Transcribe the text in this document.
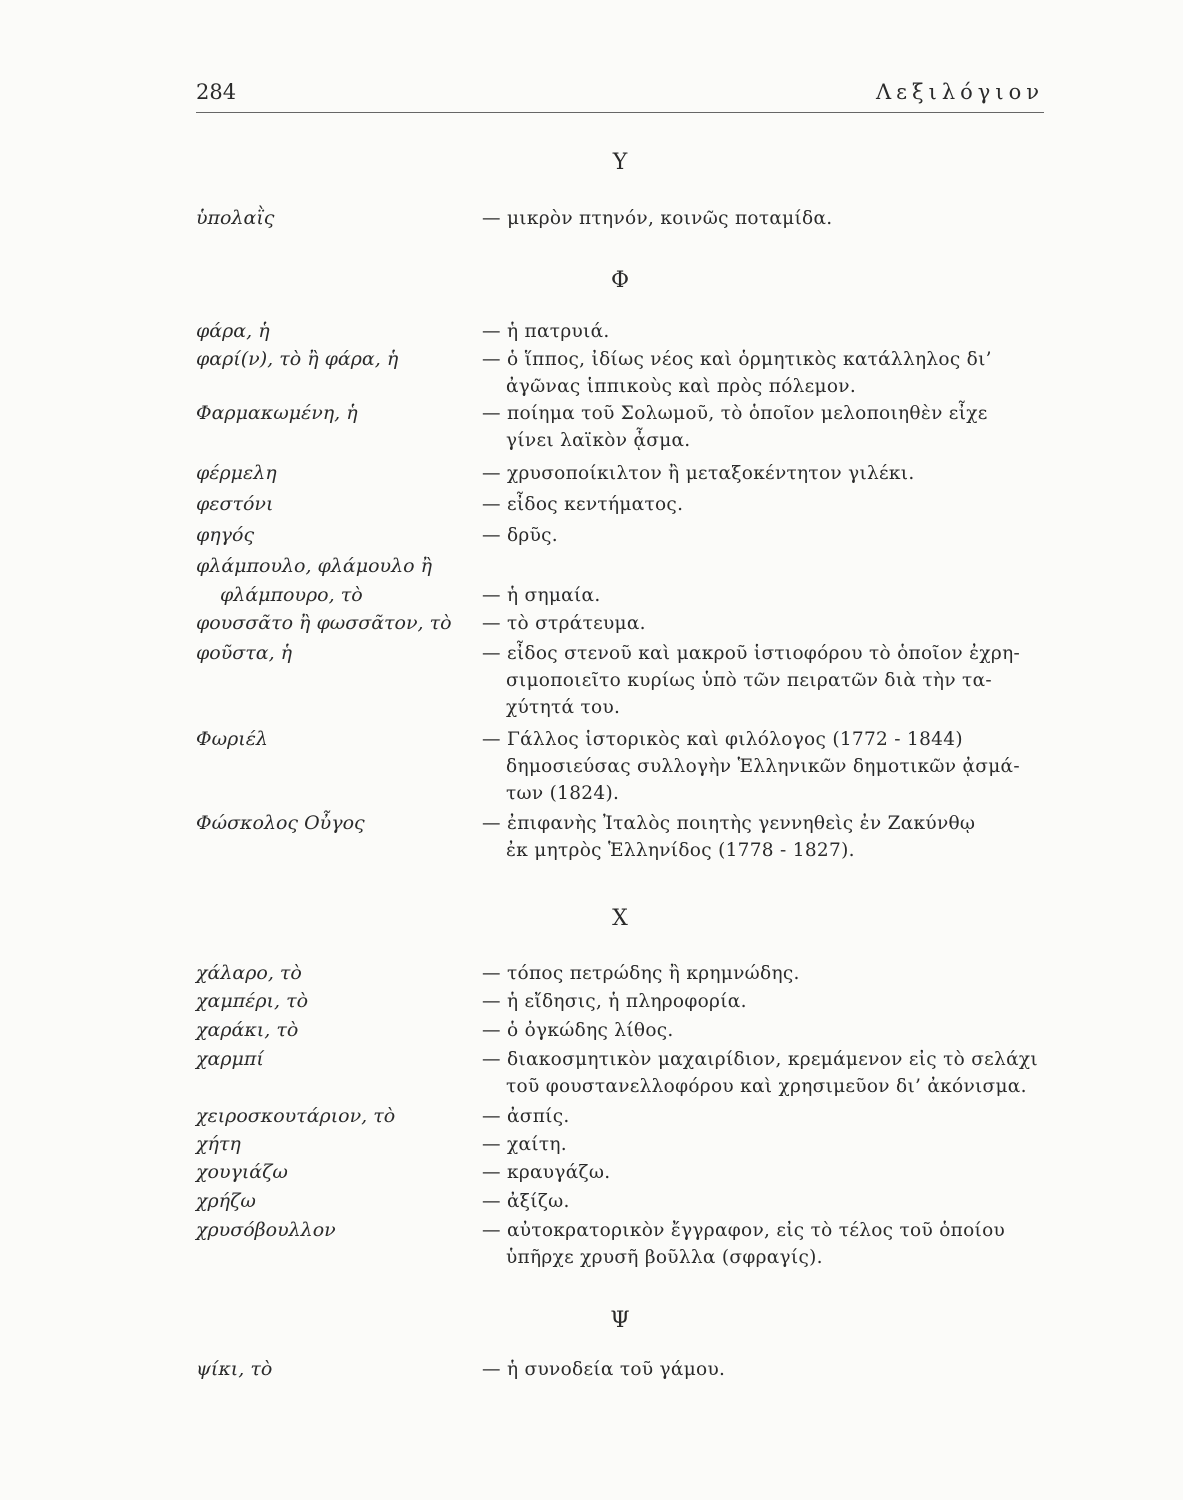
284	Λεξιλόγιον
Υ
ὑπολαῒς	— μικρὸν πτηνόν, κοινῶς ποταμίδα.
Φ
φάρα, ἡ	— ἡ πατρυιά.
φαρί(ν), τὸ ἢ φάρα, ἡ	— ὁ ἵππος, ἰδίως νέος καὶ ὁρμητικὸς κατάλληλος δι’
ἀγῶνας ἱππικοὺς καὶ πρὸς πόλεμον.
Φαρμακωμένη, ἡ	— ποίημα τοῦ Σολωμοῦ, τὸ ὁποῖον μελοποιηθὲν εἶχε
γίνει λαϊκὸν ᾆσμα.
φέρμελη	— χρυσοποίκιλτον ἢ μεταξοκέντητον γιλέκι.
φεστόνι	— εἶδος κεντήματος.
φηγός	— δρῦς.
φλάμπουλο, φλάμουλο ἢ
φλάμπουρο, τὸ	— ἡ σημαία.
φουσσᾶτο ἢ φωσσᾶτον, τὸ	— τὸ στράτευμα.
φοῦστα, ἡ	— εἶδος στενοῦ καὶ μακροῦ ἱστιοφόρου τὸ ὁποῖον ἐχρη-
σιμοποιεῖτο κυρίως ὑπὸ τῶν πειρατῶν διὰ τὴν τα-
χύτητά του.
Φωριέλ	— Γάλλος ἱστορικὸς καὶ φιλόλογος (1772 - 1844)
δημοσιεύσας συλλογὴν Ἑλληνικῶν δημοτικῶν ᾀσμά-
των (1824).
Φώσκολος Οὖγος	— ἐπιφανὴς Ἰταλὸς ποιητὴς γεννηθεὶς ἐν Ζακύνθῳ
ἐκ μητρὸς Ἑλληνίδος (1778 - 1827).
Χ
χάλαρο, τὸ	— τόπος πετρώδης ἢ κρημνώδης.
χαμπέρι, τὸ	— ἡ εἴδησις, ἡ πληροφορία.
χαράκι, τὸ	— ὁ ὀγκώδης λίθος.
χαρμπί	— διακοσμητικὸν μαχαιρίδιον, κρεμάμενον εἰς τὸ σελάχι
τοῦ φουστανελλοφόρου καὶ χρησιμεῦον δι’ ἀκόνισμα.
χειροσκουτάριον, τὸ	— ἀσπίς.
χήτη	— χαίτη.
χουγιάζω	— κραυγάζω.
χρήζω	— ἀξίζω.
χρυσόβουλλον	— αὐτοκρατορικὸν ἔγγραφον, εἰς τὸ τέλος τοῦ ὁποίου
ὑπῆρχε χρυσῆ βοῦλλα (σφραγίς).
Ψ
ψίκι, τὸ	— ἡ συνοδεία τοῦ γάμου.
